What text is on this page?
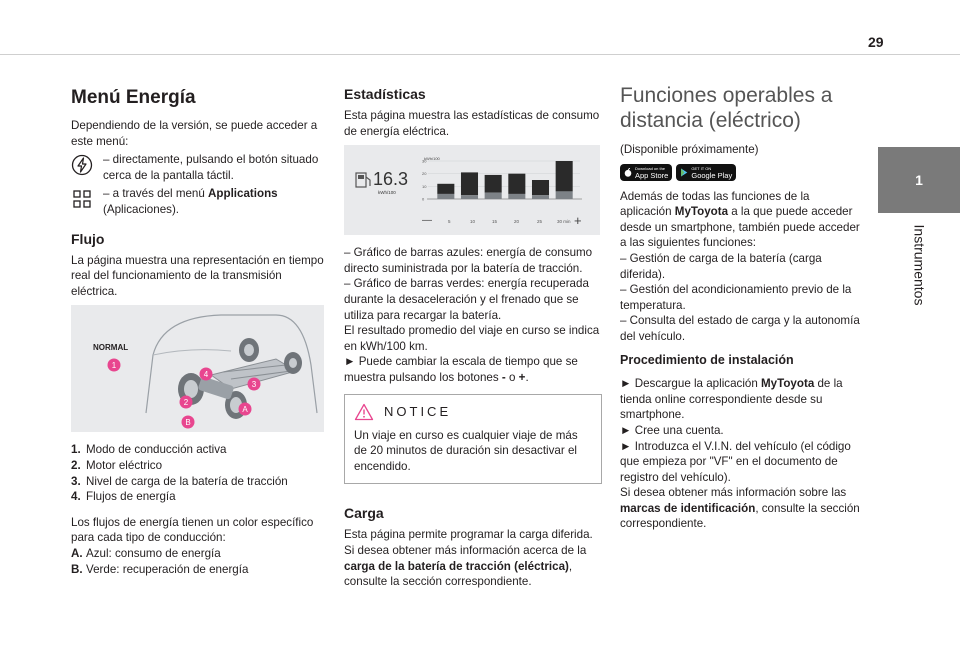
29
1
Instrumentos
Menú Energía

Dependiendo de la versión, se puede acceder a este menú:

– directamente, pulsando el botón situado cerca de la pantalla táctil.

– a través del menú Applications (Aplicaciones).

Flujo

La página muestra una representación en tiempo real del funcionamiento de la transmisión eléctrica.

NORMAL
1
4
3
2
A
B
1. Modo de conducción activa
2. Motor eléctrico
3. Nivel de carga de la batería de tracción
4. Flujos de energía

Los flujos de energía tienen un color específico para cada tipo de conducción:

A. Azul: consumo de energía
B. Verde: recuperación de energía
Estadísticas

Esta página muestra las estadísticas de consumo de energía eléctrica.

16.3
kWh/100
kWh/100
30
20
10
0
—	5	10	15	20	25	30 min +

– Gráfico de barras azules: energía de consumo directo suministrada por la batería de tracción.

– Gráfico de barras verdes: energía recuperada durante la desaceleración y el frenado que se utiliza para recargar la batería.

El resultado promedio del viaje en curso se indica en kWh/100 km.

► Puede cambiar la escala de tiempo que se muestra pulsando los botones - o +.

NOTICE

Un viaje en curso es cualquier viaje de más de 20 minutos de duración sin desactivar el encendido.

Carga

Esta página permite programar la carga diferida. Si desea obtener más información acerca de la carga de la batería de tracción (eléctrica), consulte la sección correspondiente.

Funciones operables a distancia (eléctrico)

(Disponible próximamente)

Download on the
App Store
GET IT ON
Google Play

Además de todas las funciones de la aplicación MyToyota a la que puede acceder desde un smartphone, también puede acceder a las siguientes funciones:

– Gestión de carga de la batería (carga diferida).

– Gestión del acondicionamiento previo de la temperatura.

– Consulta del estado de carga y la autonomía del vehículo.

Procedimiento de instalación

► Descargue la aplicación MyToyota de la tienda online correspondiente desde su smartphone.

► Cree una cuenta.

► Introduzca el V.I.N. del vehículo (el código que empieza por "VF" en el documento de registro del vehículo).

Si desea obtener más información sobre las marcas de identificación, consulte la sección correspondiente.
